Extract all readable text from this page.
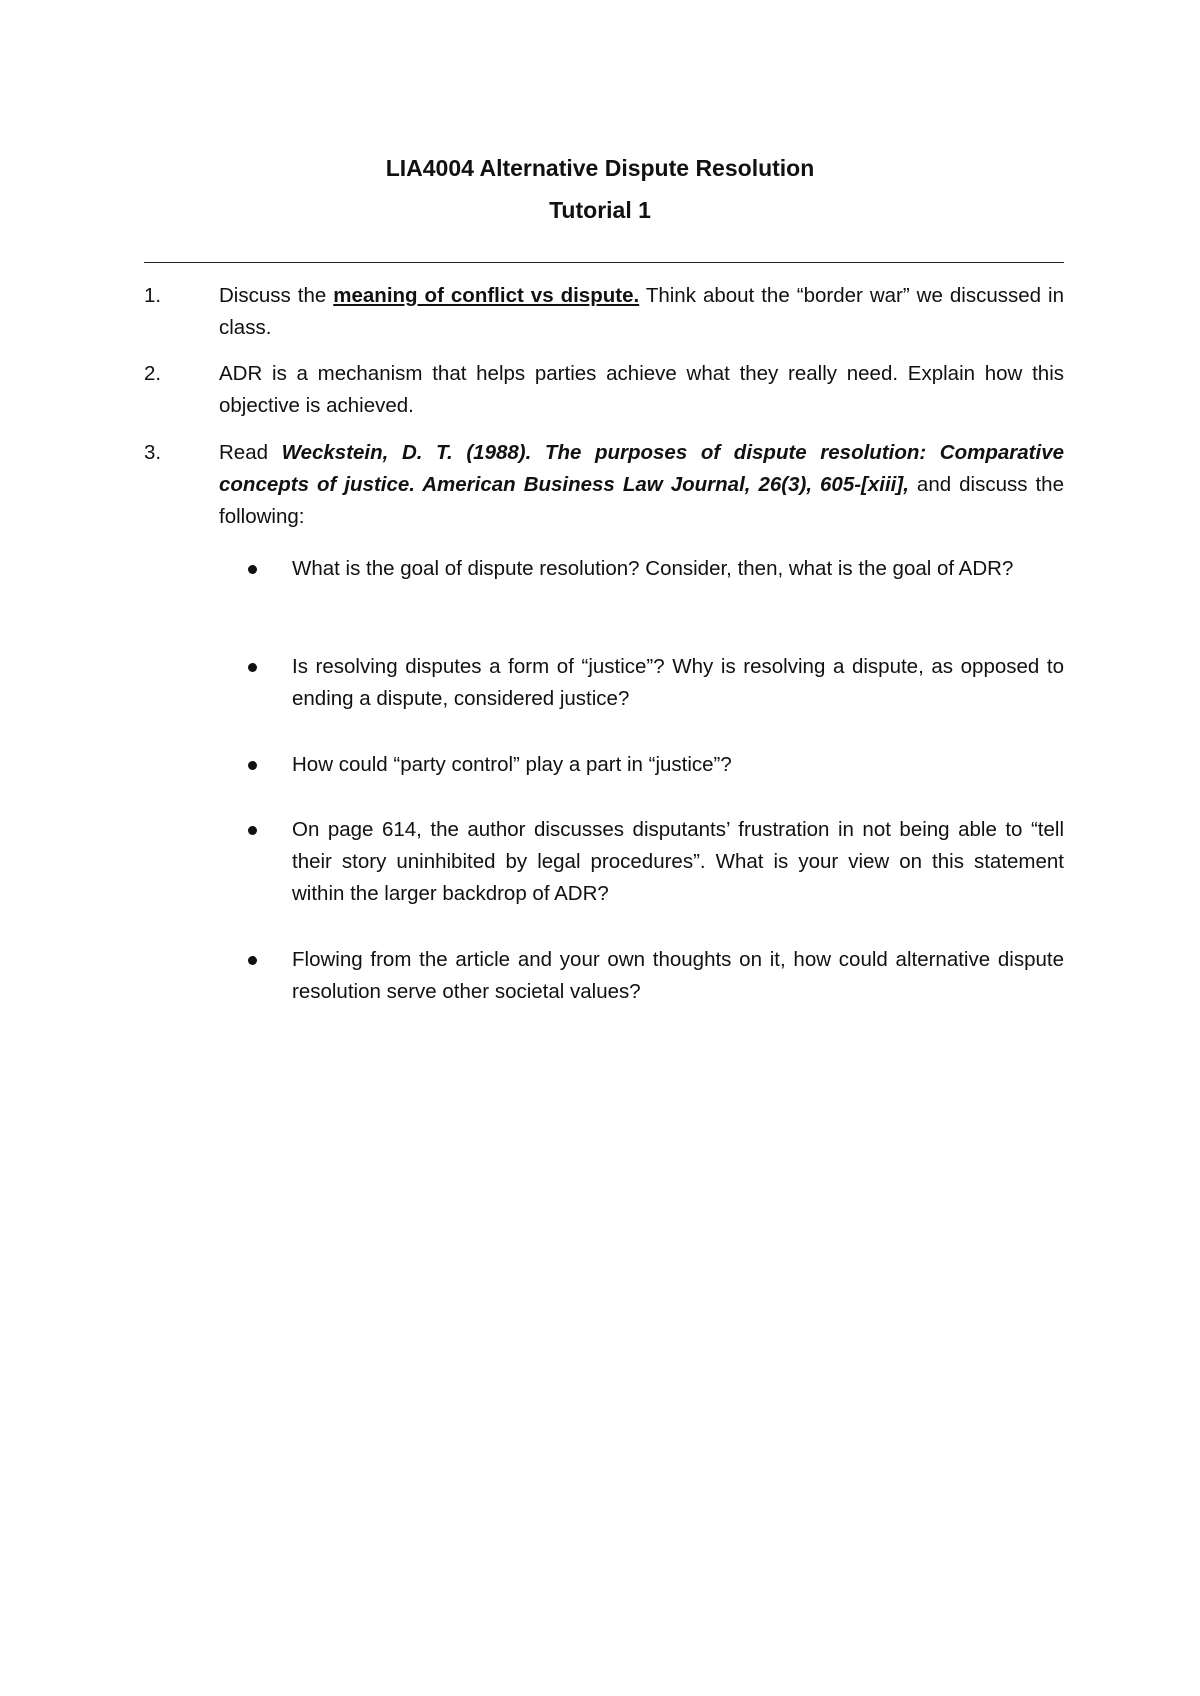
LIA4004 Alternative Dispute Resolution
Tutorial 1
1.	Discuss the meaning of conflict vs dispute. Think about the “border war” we discussed in class.
2.	ADR is a mechanism that helps parties achieve what they really need. Explain how this objective is achieved.
3.	Read Weckstein, D. T. (1988). The purposes of dispute resolution: Comparative concepts of justice. American Business Law Journal, 26(3), 605-[xiii], and discuss the following:
What is the goal of dispute resolution? Consider, then, what is the goal of ADR?
Is resolving disputes a form of “justice”? Why is resolving a dispute, as opposed to ending a dispute, considered justice?
How could “party control” play a part in “justice”?
On page 614, the author discusses disputants’ frustration in not being able to “tell their story uninhibited by legal procedures”. What is your view on this statement within the larger backdrop of ADR?
Flowing from the article and your own thoughts on it, how could alternative dispute resolution serve other societal values?
